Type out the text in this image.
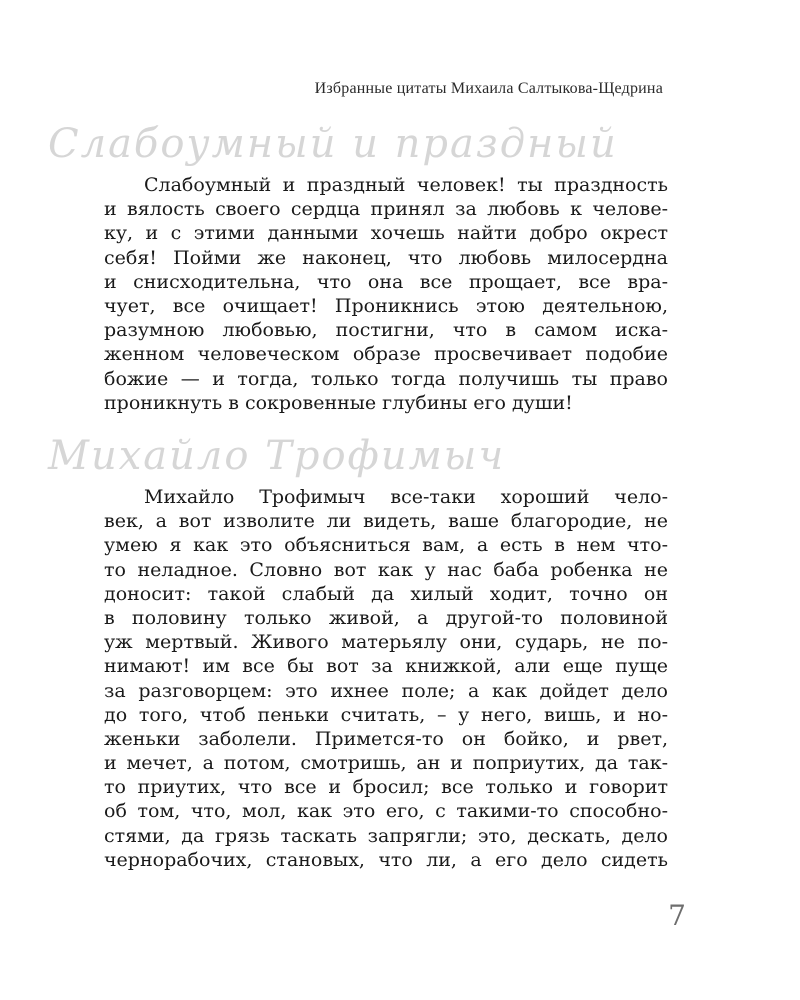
Избранные цитаты Михаила Салтыкова-Щедрина
Слабоумный и праздный
Слабоумный и праздный человек! ты праздность
и вялость своего сердца принял за любовь к челове-
ку, и с этими данными хочешь найти добро окрест
себя! Пойми же наконец, что любовь милосердна
и снисходительна, что она все прощает, все вра-
чует, все очищает! Проникнись этою деятельною,
разумною любовью, постигни, что в самом иска-
женном человеческом образе просвечивает подобие
божие — и тогда, только тогда получишь ты право
проникнуть в сокровенные глубины его души!
Михайло Трофимыч
Михайло Трофимыч все-таки хороший чело-
век, а вот изволите ли видеть, ваше благородие, не
умею я как это объясниться вам, а есть в нем что-
то неладное. Словно вот как у нас баба робенка не
доносит: такой слабый да хилый ходит, точно он
в половину только живой, а другой-то половиной
уж мертвый. Живого матерьялу они, сударь, не по-
нимают! им все бы вот за книжкой, али еще пуще
за разговорцем: это ихнее поле; а как дойдет дело
до того, чтоб пеньки считать, – у него, вишь, и но-
женьки заболели. Примется-то он бойко, и рвет,
и мечет, а потом, смотришь, ан и поприутих, да так-
то приутих, что все и бросил; все только и говорит
об том, что, мол, как это его, с такими-то способно-
стями, да грязь таскать запрягли; это, дескать, дело
чернорабочих, становых, что ли, а его дело сидеть
7
